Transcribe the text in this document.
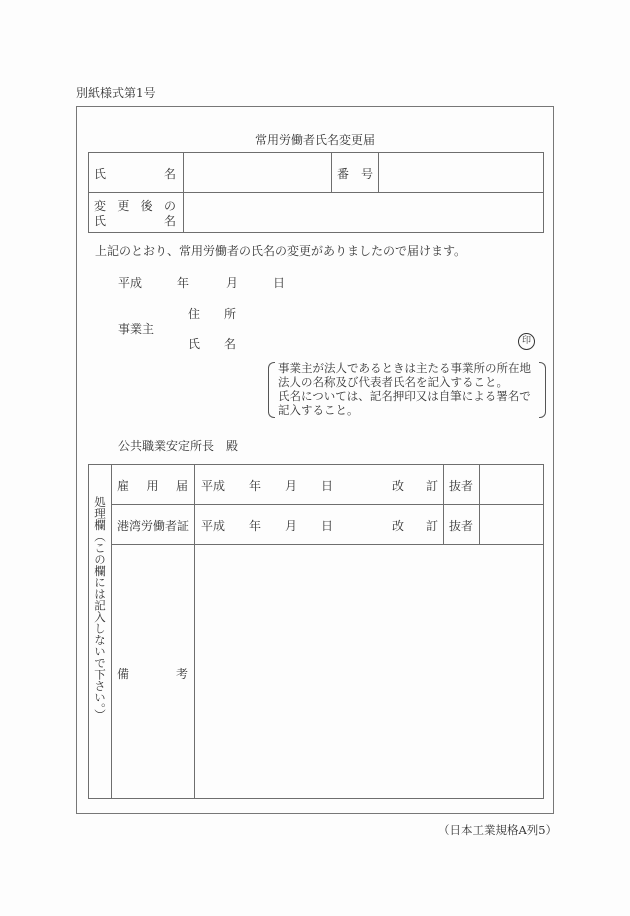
別紙様式第1号
常用労働者氏名変更届
氏	名	番 号
変 更 後 の
氏	名
上記のとおり、常用労働者の氏名の変更がありましたので届けます。
平成	年	月	日
事業主
住 所
氏 名	印
事業主が法人であるときは主たる事業所の所在地
法人の名称及び代表者氏名を記入すること。
氏名については、記名押印又は自筆による署名で
記入すること。
公共職業安定所長　殿
処理欄（この欄には記入しないで下さい。）
雇 用 届 平成 年 月 日	改 訂 抜者
港湾労働者証 平成 年 月 日	改 訂 抜者
備	考
（日本工業規格A列5）
